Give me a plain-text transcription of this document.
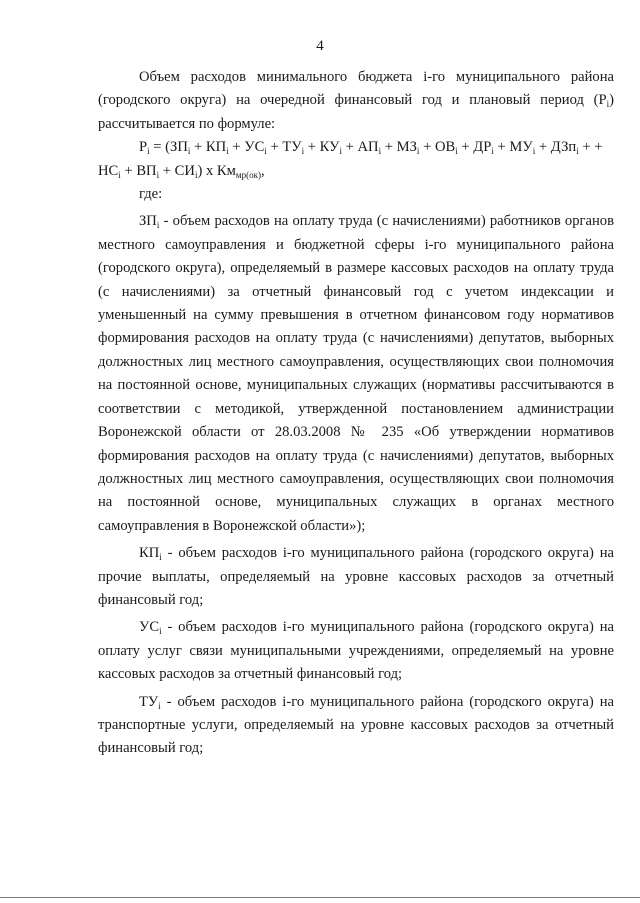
4

Объем расходов минимального бюджета i-го муниципального района (городского округа) на очередной финансовый год и плановый период $(P_i)$ рассчитывается по формуле:

$P_i = (ЗП_i + КП_i + УС_i + ТУ_i + КУ_i + АП_i + МЗ_i + ОВ_i + ДР_i + МУ_i + ДЗп_i$ + + $НС_i + ВП_i + СИ_i$) x $Км_{мр(ок)}$,

где:

$ЗП_i$ - объем расходов на оплату труда (с начислениями) работников органов местного самоуправления и бюджетной сферы i-го муниципального района (городского округа), определяемый в размере кассовых расходов на оплату труда (с начислениями) за отчетный финансовый год с учетом индексации и уменьшенный на сумму превышения в отчетном финансовом году нормативов формирования расходов на оплату труда (с начислениями) депутатов, выборных должностных лиц местного самоуправления, осуществляющих свои полномочия на постоянной основе, муниципальных служащих (нормативы рассчитываются в соответствии с методикой, утвержденной постановлением администрации Воронежской области от 28.03.2008 № 235 «Об утверждении нормативов формирования расходов на оплату труда (с начислениями) депутатов, выборных должностных лиц местного самоуправления, осуществляющих свои полномочия на постоянной основе, муниципальных служащих в органах местного самоуправления в Воронежской области»);

$КП_i$ - объем расходов i-го муниципального района (городского округа) на прочие выплаты, определяемый на уровне кассовых расходов за отчетный финансовый год;

$УС_i$ - объем расходов i-го муниципального района (городского округа) на оплату услуг связи муниципальными учреждениями, определяемый на уровне кассовых расходов за отчетный финансовый год;

$ТУ_i$ - объем расходов i-го муниципального района (городского округа) на транспортные услуги, определяемый на уровне кассовых расходов за отчетный финансовый год;
